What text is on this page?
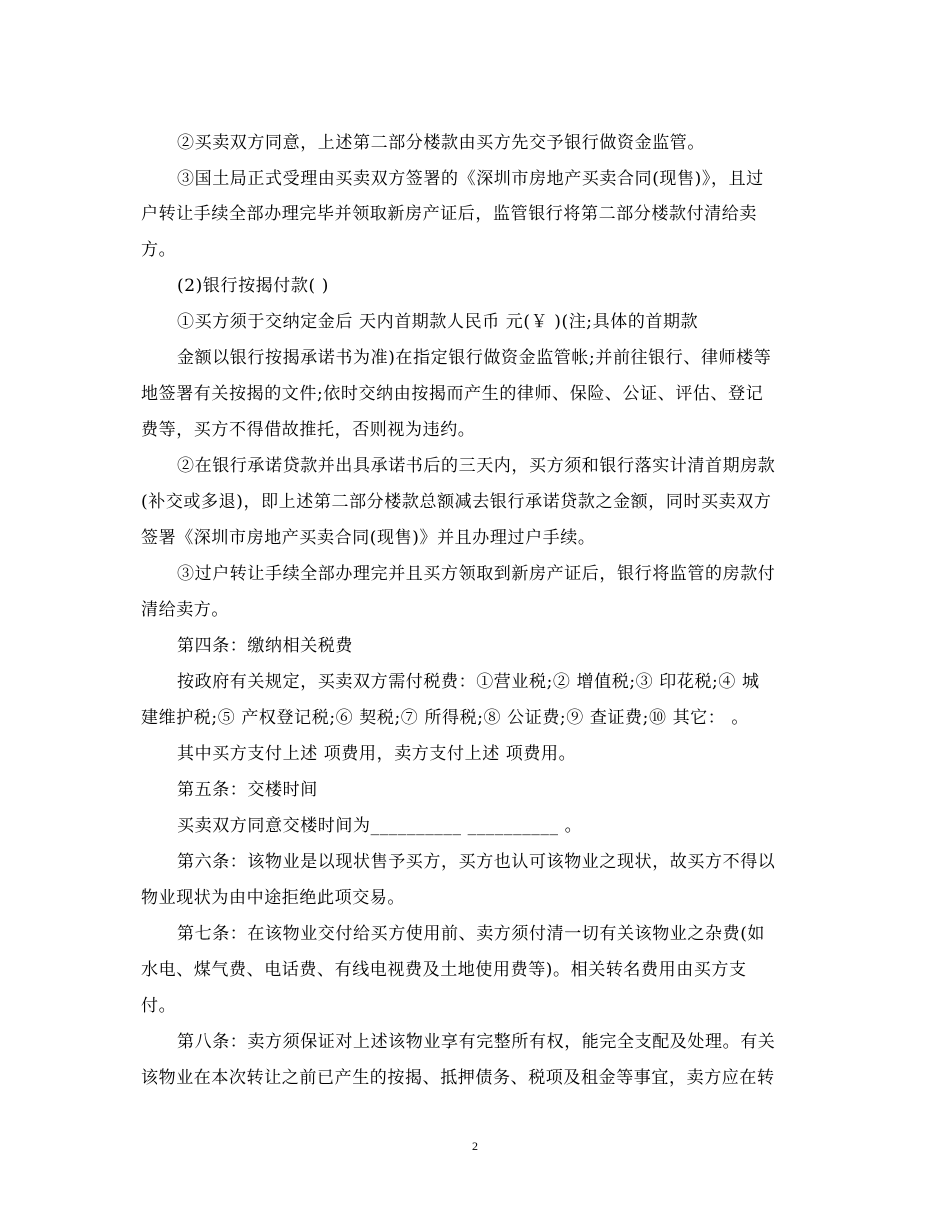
②买卖双方同意，上述第二部分楼款由买方先交予银行做资金监管。
③国土局正式受理由买卖双方签署的《深圳市房地产买卖合同(现售)》，且过
户转让手续全部办理完毕并领取新房产证后，监管银行将第二部分楼款付清给卖
方。
(2)银行按揭付款( )
①买方须于交纳定金后 天内首期款人民币 元(￥ )(注;具体的首期款
金额以银行按揭承诺书为准)在指定银行做资金监管帐;并前往银行、律师楼等
地签署有关按揭的文件;依时交纳由按揭而产生的律师、保险、公证、评估、登记
费等，买方不得借故推托，否则视为违约。
②在银行承诺贷款并出具承诺书后的三天内，买方须和银行落实计清首期房款
(补交或多退)，即上述第二部分楼款总额减去银行承诺贷款之金额，同时买卖双方
签署《深圳市房地产买卖合同(现售)》并且办理过户手续。
③过户转让手续全部办理完并且买方领取到新房产证后，银行将监管的房款付
清给卖方。
第四条：缴纳相关税费
按政府有关规定，买卖双方需付税费：①营业税;② 增值税;③ 印花税;④ 城
建维护税;⑤ 产权登记税;⑥ 契税;⑦ 所得税;⑧ 公证费;⑨ 查证费;⑩ 其它： 。
其中买方支付上述 项费用，卖方支付上述 项费用。
第五条：交楼时间
买卖双方同意交楼时间为__________ __________ 。
第六条：该物业是以现状售予买方，买方也认可该物业之现状，故买方不得以
物业现状为由中途拒绝此项交易。
第七条：在该物业交付给买方使用前、卖方须付清一切有关该物业之杂费(如
水电、煤气费、电话费、有线电视费及土地使用费等)。相关转名费用由买方支
付。
第八条：卖方须保证对上述该物业享有完整所有权，能完全支配及处理。有关
该物业在本次转让之前已产生的按揭、抵押债务、税项及租金等事宜，卖方应在转
2
